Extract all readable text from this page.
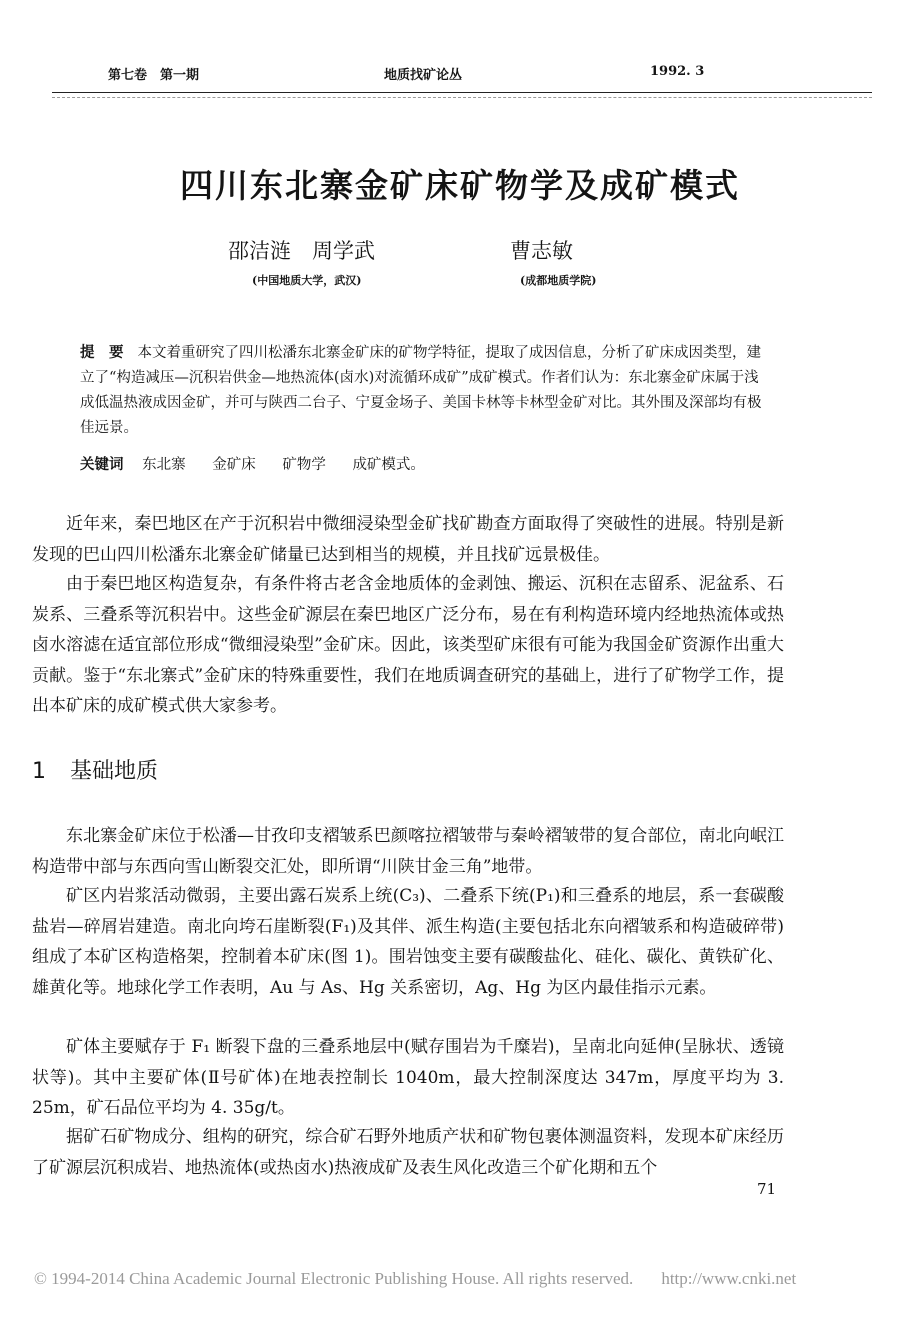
第七卷　第一期	地质找矿论丛	1992. 3
四川东北寨金矿床矿物学及成矿模式
邵洁涟　周学武	曹志敏
(中国地质大学，武汉)	(成都地质学院)
提　要 本文着重研究了四川松潘东北寨金矿床的矿物学特征，提取了成因信息，分析了矿床成因类型，建立了“构造减压—沉积岩供金—地热流体(卤水)对流循环成矿”成矿模式。作者们认为：东北寨金矿床属于浅成低温热液成因金矿，并可与陕西二台子、宁夏金场子、美国卡林等卡林型金矿对比。其外围及深部均有极佳远景。
关键词 东北寨 金矿床 矿物学 成矿模式。
近年来，秦巴地区在产于沉积岩中微细浸染型金矿找矿勘查方面取得了突破性的进展。特别是新发现的巴山四川松潘东北寨金矿储量已达到相当的规模，并且找矿远景极佳。
由于秦巴地区构造复杂，有条件将古老含金地质体的金剥蚀、搬运、沉积在志留系、泥盆系、石炭系、三叠系等沉积岩中。这些金矿源层在秦巴地区广泛分布，易在有利构造环境内经地热流体或热卤水溶滤在适宜部位形成“微细浸染型”金矿床。因此，该类型矿床很有可能为我国金矿资源作出重大贡献。鉴于“东北寨式”金矿床的特殊重要性，我们在地质调查研究的基础上，进行了矿物学工作，提出本矿床的成矿模式供大家参考。
1 基础地质
东北寨金矿床位于松潘—甘孜印支褶皱系巴颜喀拉褶皱带与秦岭褶皱带的复合部位，南北向岷江构造带中部与东西向雪山断裂交汇处，即所谓“川陕甘金三角”地带。
矿区内岩浆活动微弱，主要出露石炭系上统(C₃)、二叠系下统(P₁)和三叠系的地层，系一套碳酸盐岩—碎屑岩建造。南北向垮石崖断裂(F₁)及其伴、派生构造(主要包括北东向褶皱系和构造破碎带)组成了本矿区构造格架，控制着本矿床(图 1)。围岩蚀变主要有碳酸盐化、硅化、碳化、黄铁矿化、雄黄化等。地球化学工作表明，Au 与 As、Hg 关系密切，Ag、Hg 为区内最佳指示元素。
矿体主要赋存于 F₁ 断裂下盘的三叠系地层中(赋存围岩为千糜岩)，呈南北向延伸(呈脉状、透镜状等)。其中主要矿体(Ⅱ号矿体)在地表控制长 1040m，最大控制深度达 347m，厚度平均为 3. 25m，矿石品位平均为 4. 35g/t。
据矿石矿物成分、组构的研究，综合矿石野外地质产状和矿物包裹体测温资料，发现本矿床经历了矿源层沉积成岩、地热流体(或热卤水)热液成矿及表生风化改造三个矿化期和五个
71
© 1994-2014 China Academic Journal Electronic Publishing House. All rights reserved. http://www.cnki.net
